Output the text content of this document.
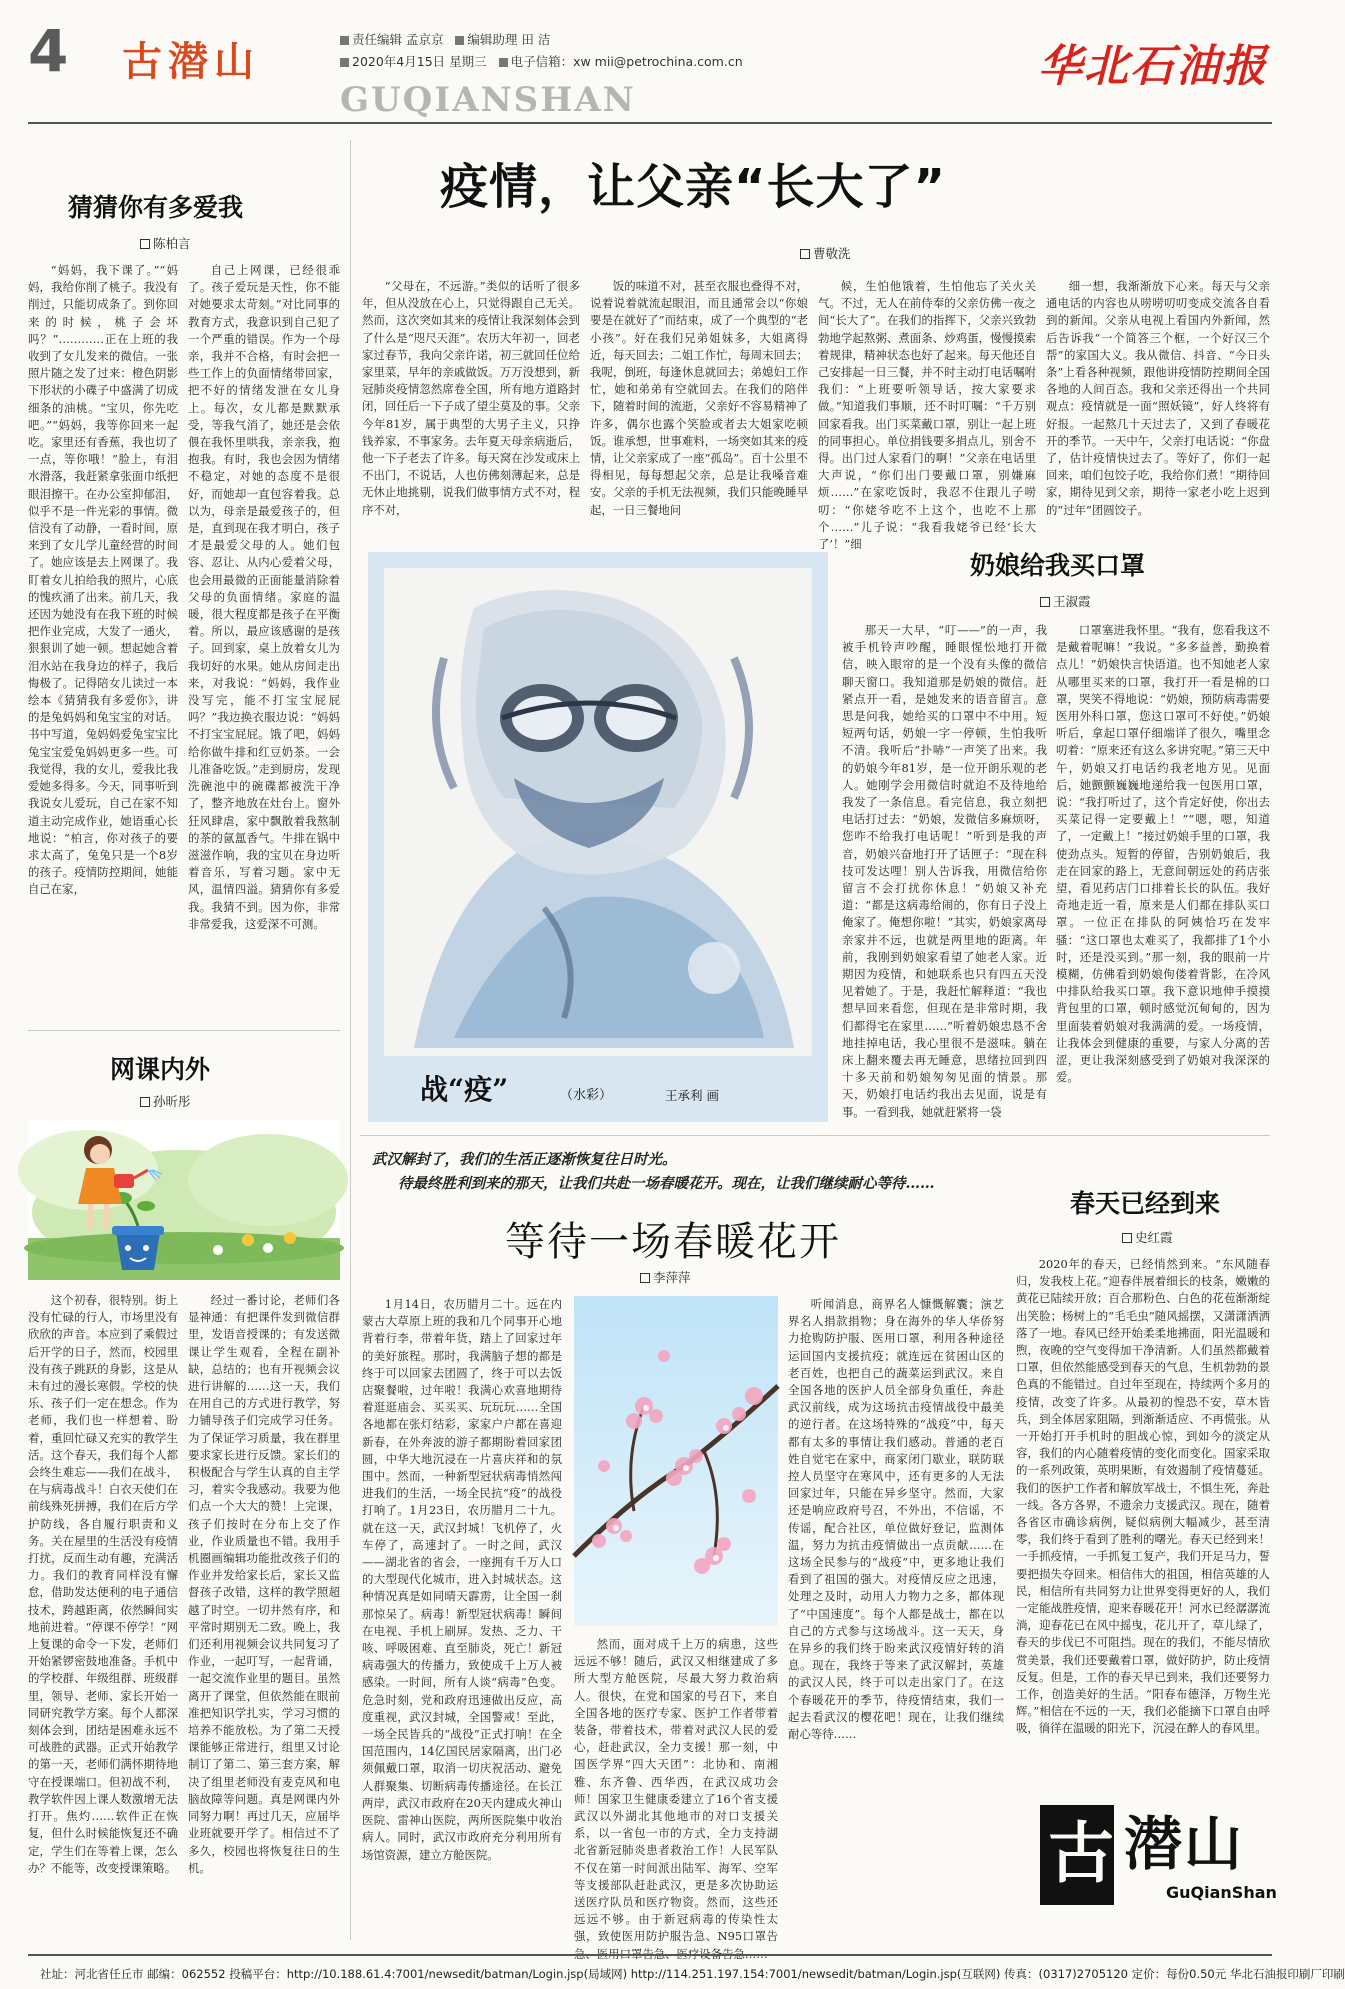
4 古潜山	责任编辑 孟京京 编辑助理 田 洁
2020年4月15日 星期三 电子信箱：xw mii@petrochina.com.cn
GUQIANSHAN
华北石油报
猜猜你有多爱我
陈柏言
“妈妈，我下课了。”“妈妈，我给你削了桃子。我没有削过，只能切成条了。到你回来的时候，桃子会坏吗？”…………正在上班的我收到了女儿发来的微信。一张照片随之发了过来：橙色阴影下形状的小碟子中盛满了切成细条的油桃。“宝贝，你先吃吧。”“妈妈，我等你回来一起吃。家里还有香蕉，我也切了一点，等你哦！”脸上，有泪水滑落，我赶紧拿张面巾纸把眼泪擦干。在办公室抑郁泪，似乎不是一件光彩的事情。微信没有了动静，一看时间，原来到了女儿学儿童经营的时间了。她应该是去上网课了。我盯着女儿拍给我的照片，心底的愧疚涌了出来。前几天，我还因为她没有在我下班的时候把作业完成，大发了一通火，狠狠训了她一顿。想起她含着泪水站在我身边的样子，我后悔极了。记得陪女儿读过一本绘本《猜猜我有多爱你》，讲的是兔妈妈和兔宝宝的对话。书中写道，兔妈妈爱兔宝宝比兔宝宝爱兔妈妈更多一些。可我觉得，我的女儿，爱我比我爱她多得多。今天，同事听到我说女儿爱玩，自己在家不知道主动完成作业，她语重心长地说：“柏言，你对孩子的要求太高了，兔兔只是一个8岁的孩子。疫情防控期间，她能自己在家，
自己上网课，已经很乖了。孩子爱玩是天性，你不能对她要求太苛刻。”对比同事的教育方式，我意识到自己犯了一个严重的错误。作为一个母亲，我并不合格，有时会把一些工作上的负面情绪带回家，把不好的情绪发泄在女儿身上。每次，女儿都是默默承受，等我气消了，她还是会依偎在我怀里哄我，亲亲我，抱抱我。有时，我也会因为情绪不稳定，对她的态度不是很好，而她却一直包容着我。总以为，母亲是最爱孩子的，但是，直到现在我才明白，孩子才是最爱父母的人。她们包容、忍让、从内心爱着父母，也会用最微的正面能量消除着父母的负面情绪。家庭的温暖，很大程度都是孩子在平衡着。所以，最应该感谢的是孩子。回到家，桌上放着女儿为我切好的水果。她从房间走出来，对我说：“妈妈，我作业没写完，能不打宝宝屁屁吗？”我边换衣服边说：“妈妈不打宝宝屁屁。饿了吧，妈妈给你做牛排和红豆奶茶。一会儿准备吃饭。”走到厨房，发现洗碗池中的碗碟都被洗干净了，整齐地放在灶台上。窗外狂风肆虐，家中飘散着我熬制的茶的氤氲香气。牛排在锅中滋滋作响，我的宝贝在身边听着音乐，写着习题。家中无风，温情四溢。猜猜你有多爱我。我猜不到。因为你，非常非常爱我，这爱深不可测。
网课内外
孙昕彤
这个初春，很特别。街上没有忙碌的行人，市场里没有欣欣的声音。本应到了乘假过后开学的日子，然而，校园里没有孩子跳跃的身影，这是从未有过的漫长寒假。学校的快乐、孩子们一定在想念。作为老师，我们也一样想着、盼着，重回忙碌又充实的教学生活。这个春天，我们每个人都会终生难忘——我们在战斗，在与病毒战斗！白衣天使们在前线殊死拼搏，我们在后方学护防线，各自履行职责和义务。关在屋里的生活没有疫情打扰，反而生动有趣，充满活力。我们的教育同样没有懈怠，借助发达便利的电子通信技术，跨越距离，依然瞬间实地前进着。“停课不停学！”网上复课的命令一下发，老师们开始紧锣密鼓地准备。手机中的学校群、年级组群、班级群里，领导、老师、家长开始一同研究教学方案。每个人都深刻体会到，团结是困难永远不可战胜的武器。正式开始教学的第一天，老师们满怀期待地守在授课端口。但初战不利，教学软件因上课人数激增无法打开。焦灼……软件正在恢复，但什么时候能恢复还不确定，学生们在等着上课，怎么办？不能等，改变授课策略。
经过一番讨论，老师们各显神通：有把课件发到微信群里，发语音授课的；有发送微课让学生观看，全程在副补缺，总结的；也有开视频会议进行讲解的……这一天，我们在用自己的方式进行教学，努力铺导孩子们完成学习任务。为了保证学习质量，我在群里要求家长进行反馈。家长们的积极配合与学生认真的自主学习，着实令我感动。我要为他们点一个大大的赞！上完课，孩子们按时在分布上交了作业，作业质量也不错。我用手机圈画编辑功能批改孩子们的作业并发给家长后，家长又监督孩子改错，这样的教学照超越了时空。一切井然有序，和平常时期别无二致。晚上，我们还利用视频会议共同复习了作业，一起叮写，一起背诵，一起交流作业里的题目。虽然离开了课堂，但依然能在眼前准把知识学扎实，学习习惯的培养不能放松。为了第二天授课能够正常进行，组里又讨论制订了第二、第三套方案，解决了组里老师没有麦克风和电脑故障等问题。真是网课内外同努力啊！再过几天，应届毕业班就要开学了。相信过不了多久，校园也将恢复往日的生机。
疫情，让父亲“长大了”
曹敬洗
“父母在，不远游。”类似的话听了很多年，但从没放在心上，只觉得跟自己无关。然而，这次突如其来的疫情让我深刻体会到了什么是“咫尺天涯”。农历大年初一，回老家过春节，我向父亲许诺，初三就回任位给家里菜，早年的亲戚做饭。万万没想到，新冠肺炎疫情忽然席卷全国，所有地方道路封闭，回任后一下子成了望尘莫及的事。父亲今年81岁，属于典型的大男子主义，只挣钱养家，不事家务。去年夏天母亲病逝后，他一下子老去了许多。每天窝在沙发或床上不出门，不说话，人也仿佛刻薄起来，总是无休止地挑剔，说我们做事情方式不对，程序不对，
饭的味道不对，甚至衣服也叠得不对，说着说着就流起眼泪，而且通常会以“你娘要是在就好了”而结束，成了一个典型的“老小孩”。好在我们兄弟姐妹多，大姐离得近，每天回去；二姐工作忙，每周末回去；我呢，倒班，每逢休息就回去；弟媳妇工作忙，她和弟弟有空就回去。在我们的陪伴下，随着时间的流逝，父亲好不容易精神了许多，偶尔也露个笑脸或者去大姐家吃顿饭。谁承想，世事难料，一场突如其来的疫情，让父亲家成了一座“孤岛”。百十公里不得相见，每每想起父亲，总是让我嗓音难安。父亲的手机无法视频，我们只能晚睡早起，一日三餐地问
候，生怕他饿着，生怕他忘了关火关气。不过，无人在前侍奉的父亲仿佛一夜之间“长大了”。在我们的指挥下，父亲兴致勃勃地学起熬粥、煮面条、炒鸡蛋，慢慢摸索着规律，精神状态也好了起来。每天他还自己安排起一日三餐，并不时主动打电话嘱咐我们：“上班要听领导话，按大家要求做。”知道我们事顺，还不时叮嘱：“千万别回家看我。出门买菜戴口罩，别让一起上班的同事担心。单位捐钱要多捐点儿，别舍不得。出门过人家看门的啊！”父亲在电话里大声说，“你们出门要戴口罩，别嫌麻烦……”在家吃饭时，我忍不住跟儿子唠叨：“你姥爷吃不上这个，也吃不上那个……”儿子说：“我看我姥爷已经‘长大了’！”细
细一想，我渐渐放下心来。每天与父亲通电话的内容也从唠唠叨叨变成交流各自看到的新闻。父亲从电视上看国内外新闻，然后告诉我“一个简答三个框，一个好汉三个帮”的家国大义。我从微信、抖音、“今日头条”上看各种视频，跟他讲疫情防控期间全国各地的人间百态。我和父亲还得出一个共同观点：疫情就是一面“照妖镜”，好人终将有好报。一起熬几十天过去了，又到了春暖花开的季节。一天中午，父亲打电话说：“你盘了，估计疫情快过去了。等好了，你们一起回来，咱们包饺子吃，我给你们煮！”期待回家，期待见到父亲，期待一家老小吃上迟到的“过年”团圆饺子。
战“疫”	（水彩）	王承利 画
奶娘给我买口罩
王淑霞
那天一大早，“叮——”的一声，我被手机铃声吵醒，睡眼惺忪地打开微信，映入眼帘的是一个没有头像的微信聊天窗口。我知道那是奶娘的微信。赶紧点开一看，是她发来的语音留言。意思是问我，她给买的口罩中不中用。短短两句话，奶娘一字一停顿，生怕我听不清。我听后“扑哧”一声笑了出来。我的奶娘今年81岁，是一位开朗乐观的老人。她刚学会用微信时就迫不及待地给我发了一条信息。看完信息，我立刻把电话打过去：“奶娘，发微信多麻烦呀，您咋不给我打电话呢！”听到是我的声音，奶娘兴奋地打开了话匣子：“现在科技可发达哩！别人告诉我，用微信给你留言不会打扰你休息！”奶娘又补充道：“都是这病毒给闹的，你有日子没上俺家了。俺想你啦！”其实，奶娘家离母亲家并不远，也就是两里地的距离。年前，我刚到奶娘家看望了她老人家。近期因为疫情，和她联系也只有四五天没见着她了。于是，我赶忙解释道：“我也想早回来看您，但现在是非常时期，我们都得宅在家里……”听着奶娘忠恳不舍地挂掉电话，我心里很不是滋味。躺在床上翻来覆去再无睡意，思绪拉回到四十多天前和奶娘匆匆见面的情景。那天，奶娘打电话约我出去见面，说是有事。一看到我，她就赶紧将一袋
口罩塞进我怀里。“我有，您看我这不是戴着呢嘛！”我说。“多多益善，勤换着点儿！”奶娘快言快语道。也不知她老人家从哪里买来的口罩，我打开一看是棉的口罩，哭笑不得地说：“奶娘，预防病毒需要医用外科口罩，您这口罩可不好使。”奶娘听后，拿起口罩仔细端详了很久，嘴里念叨着：“原来还有这么多讲究呢。”第三天中午，奶娘又打电话约我老地方见。见面后，她颤颤巍巍地递给我一包医用口罩，说：“我打听过了，这个肯定好使，你出去买菜记得一定要戴上！”“嗯，嗯，知道了，一定戴上！”接过奶娘手里的口罩，我使劲点头。短暂的停留，告别奶娘后，我走在回家的路上，无意间朝远处的药店张望，看见药店门口排着长长的队伍。我好奇地走近一看，原来是人们都在排队买口罩。一位正在排队的阿姨恰巧在发牢骚：“这口罩也太难买了，我都排了1个小时，还是没买到。”那一刻，我的眼前一片模糊，仿佛看到奶娘佝偻着背影，在冷风中排队给我买口罩。我下意识地伸手摸摸背包里的口罩，顿时感觉沉甸甸的，因为里面装着奶娘对我满满的爱。一场疫情，让我体会到健康的重要，与家人分离的苦涩，更让我深刻感受到了奶娘对我深深的爱。
武汉解封了，我们的生活正逐渐恢复往日时光。
待最终胜利到来的那天，让我们共赴一场春暖花开。现在，让我们继续耐心等待……
等待一场春暖花开
李萍萍
1月14日，农历腊月二十。远在内蒙古大草原上班的我和几个同事开心地背着行李，带着年货，踏上了回家过年的美好旅程。那时，我满脑子想的都是终于可以回家去团圆了，终于可以去饭店聚餐啦，过年啦！我满心欢喜地期待着逛逛庙会、买买买、玩玩玩……全国各地都在张灯结彩，家家户户都在喜迎新春，在外奔波的游子都期盼着回家团圆，中华大地沉浸在一片喜庆祥和的氛围中。然而，一种新型冠状病毒悄然闯进我们的生活，一场全民抗“疫”的战役打响了。1月23日，农历腊月二十九。就在这一天，武汉封城！飞机停了，火车停了，高速封了。一时之间，武汉——湖北省的省会，一座拥有千万人口的大型现代化城市，进入封城状态。这种情况真是如同晴天霹雳，让全国一刹那惊呆了。病毒！新型冠状病毒！瞬间在电视、手机上刷屏。发热、乏力、干咳、呼吸困难、直至肺炎，死亡！新冠病毒强大的传播力，致使成千上万人被感染。一时间，所有人谈“病毒”色变。危急时刻，党和政府迅速做出反应，高度重视，武汉封城，全国警戒！至此，一场全民皆兵的“战役”正式打响！在全国范围内，14亿国民居家隔离，出门必须佩戴口罩，取消一切庆祝活动、避免人群聚集、切断病毒传播途径。在长江两岸，武汉市政府在20天内建成火神山医院、雷神山医院，两所医院集中收治病人。同时，武汉市政府充分利用所有场馆资源，建立方舱医院。
然而，面对成千上万的病患，这些远远不够！随后，武汉又相继建成了多所大型方舱医院，尽最大努力救治病人。很快，在党和国家的号召下，来自全国各地的医疗专家、医护工作者带着装备，带着技术，带着对武汉人民的爱心，赶赴武汉，全力支援！那一刻，中国医学界“四大天团”：北协和、南湘雅、东齐鲁、西华西，在武汉成功会师！国家卫生健康委建立了16个省支援武汉以外湖北其他地市的对口支援关系，以一省包一市的方式，全力支持湖北省新冠肺炎患者救治工作！人民军队不仅在第一时间派出陆军、海军、空军等支援部队赶赴武汉，更是多次协助运送医疗队员和医疗物资。然而，这些还远远不够。由于新冠病毒的传染性太强，致使医用防护服告急、N95口罩告
听闻消息，商界名人慷慨解囊；演艺界名人捐款捐物；身在海外的华人华侨努力抢购防护服、医用口罩，利用各种途径运回国内支援抗疫；就连远在贫困山区的老百姓，也把自己的蔬菜运到武汉。来自全国各地的医护人员全部身负重任，奔赴武汉前线，成为这场抗击疫情战役中最美的逆行者。在这场特殊的“战疫”中，每天都有太多的事情让我们感动。普通的老百姓自觉宅在家中，商家闭门歇业，联防联控人员坚守在寒风中，还有更多的人无法回家过年，只能在异乡坚守。然而，大家还是响应政府号召，不外出，不信谣，不传谣，配合社区，单位做好登记，监测体温，努力为抗击疫情做出一点贡献……在这场全民参与的“战疫”中，更多地让我们看到了祖国的强大。对疫情反应之迅速，处理之及时，动用人力物力之多，都体现了“中国速度”。每个人都是战士，都在以自己的方式参与这场战斗。这一天天，身在异乡的我们终于盼来武汉疫情好转的消息。现在，我终于等来了武汉解封，英雄的武汉人民，终于可以走出家门了。在这个春暖花开的季节，待疫情结束，我们一起去看武汉的樱花吧！现在，让我们继续耐心等待……
春天已经到来
史红霞
2020年的春天，已经悄然到来。“东风随春归，发我枝上花。”迎春伴展着细长的枝条，嫩嫩的黄花已陆续开放；百合那粉色、白色的花苞渐渐绽出笑脸；杨树上的“毛毛虫”随风摇摆，又潇潇洒洒落了一地。春风已经开始柔柔地拂面，阳光温暖和煦，夜晚的空气变得加干净清新。人们虽然都戴着口罩，但依然能感受到春天的气息，生机勃勃的景色真的不能错过。自过年至现在，持续两个多月的疫情，改变了许多。从最初的惶恐不安，草木皆兵，到全体居家阻隔，到渐渐适应、不再慌张。从一开始打开手机时的胆战心惊，到如今的淡定从容，我们的内心随着疫情的变化而变化。国家采取的一系列政策，英明果断，有效遏制了疫情蔓延。我们的医护工作者和解放军战士，不惧生死，奔赴一线。各方各界，不遗余力支援武汉。现在，随着各省区市确诊病例，疑似病例大幅减少，甚至清零，我们终于看到了胜利的曙光。春天已经到来！一手抓疫情，一手抓复工复产，我们开足马力，誓要把损失夺回来。相信伟大的祖国，相信英雄的人民，相信所有共同努力让世界变得更好的人，我们一定能战胜疫情，迎来春暖花开！河水已经潺潺流淌，迎春花已在风中摇曳，花儿开了，草儿绿了，春天的步伐已不可阻挡。现在的我们，不能尽情欣赏美景，我们还要戴着口罩，做好防护，防止疫情反复。但是，工作的春天早已到来，我们还要努力工作，创造美好的生活。“阳春布德泽，万物生光辉。”相信在不远的一天，我们必能摘下口罩自由呼吸，徜徉在温暖的阳光下，沉浸在醉人的春风里。
古 潜山
GuQianShan
社址：河北省任丘市 邮编：062552 投稿平台：http://10.188.61.4:7001/newsedit/batman/Login.jsp(局域网) http://114.251.197.154:7001/newsedit/batman/Login.jsp(互联网) 传真：(0317)2705120 定价：每份0.50元 华北石油报印刷厂印刷
